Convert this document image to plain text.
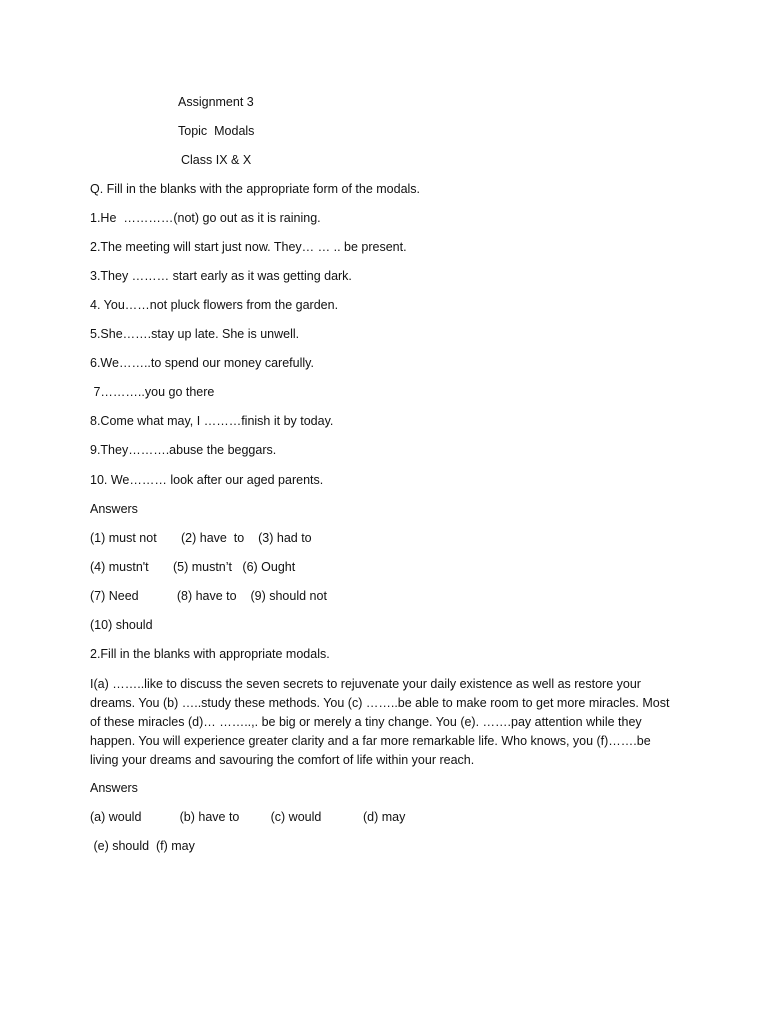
Assignment 3
Topic  Modals
Class IX & X
Q. Fill in the blanks with the appropriate form of the modals.
1.He  …………(not) go out as it is raining.
2.The meeting will start just now. They… … .. be present.
3.They ……… start early as it was getting dark.
4. You……not pluck flowers from the garden.
5.She…….stay up late. She is unwell.
6.We……..to spend our money carefully.
7………..you go there
8.Come what may, I ………finish it by today.
9.They……….abuse the beggars.
10. We……… look after our aged parents.
Answers
(1) must not       (2) have  to    (3) had to
(4) mustn't       (5) mustn’t   (6) Ought
(7) Need           (8) have to    (9) should not
(10) should
2.Fill in the blanks with appropriate modals.
I(a) ……..like to discuss the seven secrets to rejuvenate your daily existence as well as restore your
dreams. You (b) …..study these methods. You (c) ……..be able to make room to get more miracles. Most
of these miracles (d)… ……..,. be big or merely a tiny change. You (e). …….pay attention while they
happen. You will experience greater clarity and a far more remarkable life. Who knows, you (f)…….be
living your dreams and savouring the comfort of life within your reach.
Answers
(a) would           (b) have to         (c) would            (d) may
(e) should  (f) may
